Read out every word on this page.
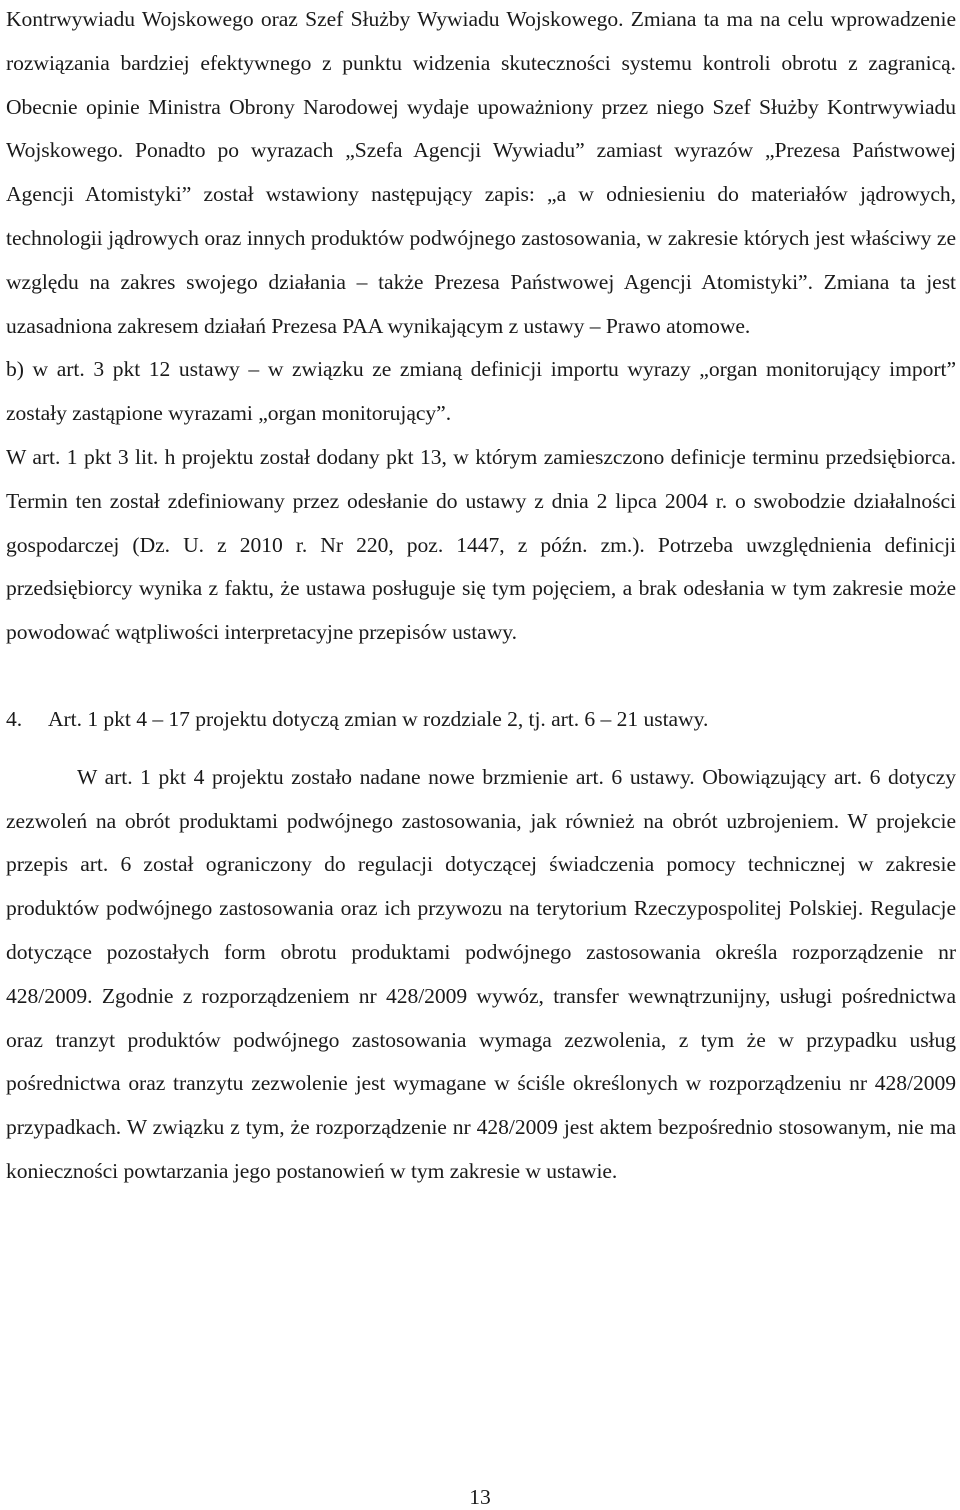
Kontrwywiadu Wojskowego oraz Szef Służby Wywiadu Wojskowego. Zmiana ta ma na celu wprowadzenie rozwiązania bardziej efektywnego z punktu widzenia skuteczności systemu kontroli obrotu z zagranicą. Obecnie opinie Ministra Obrony Narodowej wydaje upoważniony przez niego Szef Służby Kontrwywiadu Wojskowego. Ponadto po wyrazach „Szefa Agencji Wywiadu” zamiast wyrazów „Prezesa Państwowej Agencji Atomistyki” został wstawiony następujący zapis: „a w odniesieniu do materiałów jądrowych, technologii jądrowych oraz innych produktów podwójnego zastosowania, w zakresie których jest właściwy ze względu na zakres swojego działania – także Prezesa Państwowej Agencji Atomistyki”. Zmiana ta jest uzasadniona zakresem działań Prezesa PAA wynikającym z ustawy – Prawo atomowe.

b) w art. 3 pkt 12 ustawy – w związku ze zmianą definicji importu wyrazy „organ monitorujący import” zostały zastąpione wyrazami „organ monitorujący”.

W art. 1 pkt 3 lit. h projektu został dodany pkt 13, w którym zamieszczono definicje terminu przedsiębiorca. Termin ten został zdefiniowany przez odesłanie do ustawy z dnia 2 lipca 2004 r. o swobodzie działalności gospodarczej (Dz. U. z 2010 r. Nr 220, poz. 1447, z późn. zm.). Potrzeba uwzględnienia definicji przedsiębiorcy wynika z faktu, że ustawa posługuje się tym pojęciem, a brak odesłania w tym zakresie może powodować wątpliwości interpretacyjne przepisów ustawy.

4. Art. 1 pkt 4 – 17 projektu dotyczą zmian w rozdziale 2, tj. art. 6 – 21 ustawy.

W art. 1 pkt 4 projektu zostało nadane nowe brzmienie art. 6 ustawy. Obowiązujący art. 6 dotyczy zezwoleń na obrót produktami podwójnego zastosowania, jak również na obrót uzbrojeniem. W projekcie przepis art. 6 został ograniczony do regulacji dotyczącej świadczenia pomocy technicznej w zakresie produktów podwójnego zastosowania oraz ich przywozu na terytorium Rzeczypospolitej Polskiej. Regulacje dotyczące pozostałych form obrotu produktami podwójnego zastosowania określa rozporządzenie nr 428/2009. Zgodnie z rozporządzeniem nr 428/2009 wywóz, transfer wewnątrzunijny, usługi pośrednictwa oraz tranzyt produktów podwójnego zastosowania wymaga zezwolenia, z tym że w przypadku usług pośrednictwa oraz tranzytu zezwolenie jest wymagane w ściśle określonych w rozporządzeniu nr 428/2009 przypadkach. W związku z tym, że rozporządzenie nr 428/2009 jest aktem bezpośrednio stosowanym, nie ma konieczności powtarzania jego postanowień w tym zakresie w ustawie.

13
